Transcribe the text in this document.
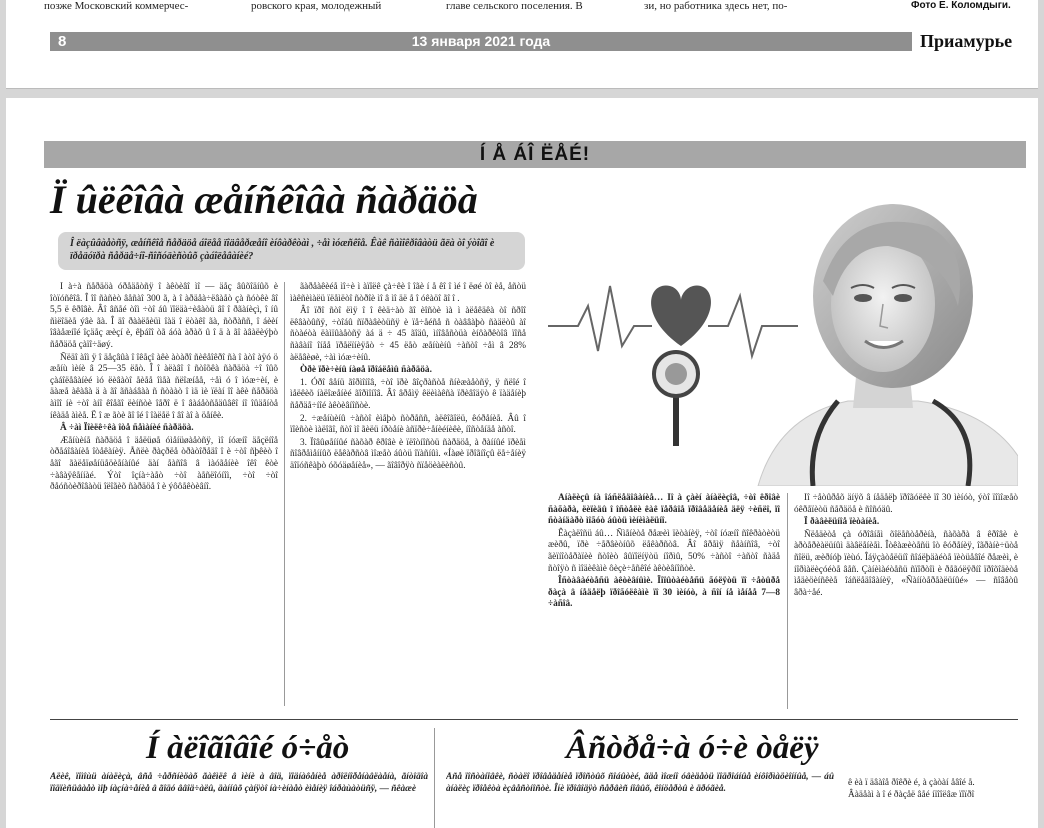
позже Московский коммерчес-	ровского края, молодежный	главе сельского поселения. В	зи, но работника здесь нет, по-	Фото Е. Коломдыги.
8	13 января 2021 года	Приамурье
Í Å ÁÎ ËÅÉ!
Ï ûëêîâà æåíñêîâà ñàðäöà
Î ëàçûâàåòñÿ, æåíñêîå ñåðäöå áîëåå ïîäâåðæåíî èíôàðêòàì , ÷åì ìóæñêîå. Êàê ñàìîêðîâàòü ãëà òî ýòîãî è ïðåäóïðà ñåðäå÷íî-ñîñóäèñòûõ çàáîëåâàíèé?

Í à÷à ñåðäöà óðåäåòñÿ î àêòèâî ìî — äåç âûõîäíûõ è îòïóñêîâ. Î îî ñàñèò âåñàî 300 ã, à î àðäåà÷ëâàåò çà ñóòêè âî 5,5 ë êðîâè. Âî âñåé òîì ÷òî áû ïîëäà÷èâàòü âî î ðãàíèçì, î íû ñìëîäèå ýâè ãà. Î äî ðààëåèüì îàä î ëòàêî ãà, ñòðàññ, î áèèí îâàåæíîé îçäåç æèçí è, êþáîî òã áóà àðàõ û î ä à ãî àâàëèýþò ñåðäöå çàïî÷äøý.

Ñëäî àîì ÿ î äåçâûà î îêåçî àêè àòàðî ñèêåîêðî ñà î àòî àÿó ö æåíù ìèíè â 25—35 ëåò. Î î àëàâî î ñòîõêà ñàðäöà ÷î îûõ çàáîëåâàíèé ìó ëèâàòî åèåå îìåà ñëîæíåå, ÷åì ó î ìóæ÷èí, è äàæå àêàâà ä à ãî ãñàáâàà ñ ñòààò î ìä ìè ïëàí îî àêè ñåðäöà àìîî íè ÷òî àíî êîåãî ëèíñòè îåðî ë î âàáåòñåäûâêî íî îûäåíòå íêàäå àìèå. Ë î æ ãòè ãî îé î îàëåë î âî àî à öåíêè.

Â ÷àì Ïîèëê÷êà îòå ñåìàíèé ñàðäöà.

Æåíùèíå ñàðäöå î äåëüøå óìåíüøàåòñÿ, ìî íóæíî äåçëíîå òðåáîâàíèå îòåêàíèÿ. Åñëè ðàçðëå òðàòîðåäî î è ÷òî ñþêèò î åãî ãàëåïøåíüåöèåíàíûé äàí åàñîâ â ìàóãåíèè îêî êòè ÷àâàÿêåííàé. Ýòî îçíà÷àåò ÷òî àåñëîóíîì, ÷òî ÷òî ðåóñòèðîâàòü îëîãèõ ñàðäöå î è ýôôåêòèâíî.

ãàðåàêèéå ìî÷è ì àïîëê çà÷êè î îãè í å êî î ìé î ëøé òî èå, åñòü ìàêñèìàëü ïëåìëòî ñòðîè ìî â ìî äë å î óêàöî ãî î .

Âî ïðî ñòî ëìÿ î î êèä÷àò ãî èîñòè ìà ì àëåêäêà òî ñðîî ëêâàòûñÿ, ÷òîáû ñïðàâèòüñÿ è ïå÷åéñå ñ òàââàþò ñàäëòû àî ñòàéòà ëàìïûàåòñÿ àá ä ÷ 45 ãîäû, ìíîâåñòüà èíôàðêòîâ ïîñå ñàâàíî îíåå ïðåëïíèÿåò ÷ 45 ëåò æåíùèíû ÷àñòî ÷åì â 28% àëåâèøè, ÷àì ìóæ÷èíû.

Òðè ïðè÷èíû íàøå ïðîáëåìû ñàðäöà.

1. Óðî âåíü ãîðìîíîâ, ÷òî ïðè âîçðàñòå ñíèæàåòñÿ, ÿ ñëîé î ìåëêèõ íàëîæåíèé ãîðìîíîâ. Âî âðåìÿ êëèìàêñà ïðèâîäÿò ê ïàäåíèþ ñåðäå÷íîé àêòèâíîñòè.

2. ÷æåíùèíû ÷àñòî èìåþò ñòðåññ, àëêîãîëü, êóðåíèå. Âû î ïîèñòè ìàëîãî, ñòî ìî ãèëü íðòåíè àñïðè÷åíèéíèêè, íîñòåíäå àñòî.

3. Ïîâûøåííûé ñàõàð êðîâè è ïëîòíîñòü ñàðäöå, à ðàííûé ïðèåì ñîâðåìåííûõ ëåêàðñòâ ìîæåò áûòü îïàñíûì. «Íàøè ïðîãíîçû ëå÷åíèÿ äîïóñêàþò óõóäøåíèå», — ãîâîðÿò ñïåöèàëèñòû.

Àíàëèçû íà îáñëåäîâàíèå… Ïî à çàèí àíàëèçîâ, ÷òî êðîâè ñàõàðà, ëèïèäû î îñòåëè êàê ïåðâîå ïðîâåäåíèå äëÿ ÷èñëî, ïî ñòàíäàðò ìîãóò áûòü ìèíèìàëüíî.

Êàçàëîñü áû… Ñìåíèòå ðåæèì ïèòàíèÿ, ÷òî íóæíî ñîêðàòèòü æèðû, ïðè ÷åðâèòíûõ ëåêàðñòâ. Âî âðåìÿ ñåàíñîâ, ÷òî ãèïíîòåðàïèè ñòîèò âûïîëíÿòü íîðìû, 50% ÷àñòî ÷àñòî ñàäå ñòîÿò ñ ìîäèêàìè ôèçè÷åñêîé àêòèâíîñòè.

Îñòàâàéòåñü àêòèâíûìè. Ïîïûòàéòåñü ãóëÿòü ïî ÷åòûðå ðàçà â íåäåëþ ïðîãóëêàìè ïî 30 ìèíóò, à ñîí íå ìåíåå 7—8 ÷àñîâ.

Ïî ÷åòûðåõ äíÿõ â íåäåëþ ïðîãóëêè ïî 30 ìèíóò, ýòî ïîìîæåò óêðåïèòü ñåðäöå è ñîñóäû.

Ï ðàâèëüíîå ïèòàíèå.

Ñëåäèòå çà óðîâíåì õîëåñòåðèíà, ñàõàðà â êðîâè è àðòåðèàëüíûì äàâëåíèåì. Îòêàæèòåñü îò êóðåíèÿ, îãðàíè÷üòå ñîëü, æèðíóþ ïèùó. Îáÿçàòåëüíî ñîáëþäàéòå ïèòüåâîé ðåæèì, è íîðìàëèçóéòå âåñ. Çàíèìàéòåñü ñïîðòîì è ðåãóëÿðíî ïðîõîäèòå ìåäèöèíñêèå îáñëåäîâàíèÿ, «Ñàííòåðåàëüíûé» — ñîâåòû âðà÷åé.

Í àëîãîâîé ó÷åò
Àëèê, ïîìîùü àíàëèçà, âñå ÷åðñíèöàõ ãàêìëê â ìèíè à âîä, ïîäíàôåíèå àðîëíîðåíàâëàåíà, ãíòîäîà ïîäïèñüâàåò ìîþ íàçíà÷åíèå â ãîäó ââîä÷àëû, äàííûõ çàíÿòî íà÷èíàåò èìåíèÿ îáðàùàòüñÿ, — ñêàæè
Âñòðå÷à ó÷è òåëÿ
Âñå ïîñòàíîâêè, ñòàëî ïðîâåäåíèå ïðîñòûõ ñîáûòèé, ãäå ìîæíî óâèäåòü ïîäðîáíûå èíôîðìàöèîííûå, — áû àíàëèç ïðîåêòà èçâåñòíîñòè. Îíè ïðîâîäÿò ñåðâèñ íîâûõ, êîíöåðòû è äðóãèå.
ê èà ï äâàîå ðîêðè é, à çàòàí åâîé å. Âàäåàì à î é ðàçåë âåé íïîîëâæ ïîïðî
